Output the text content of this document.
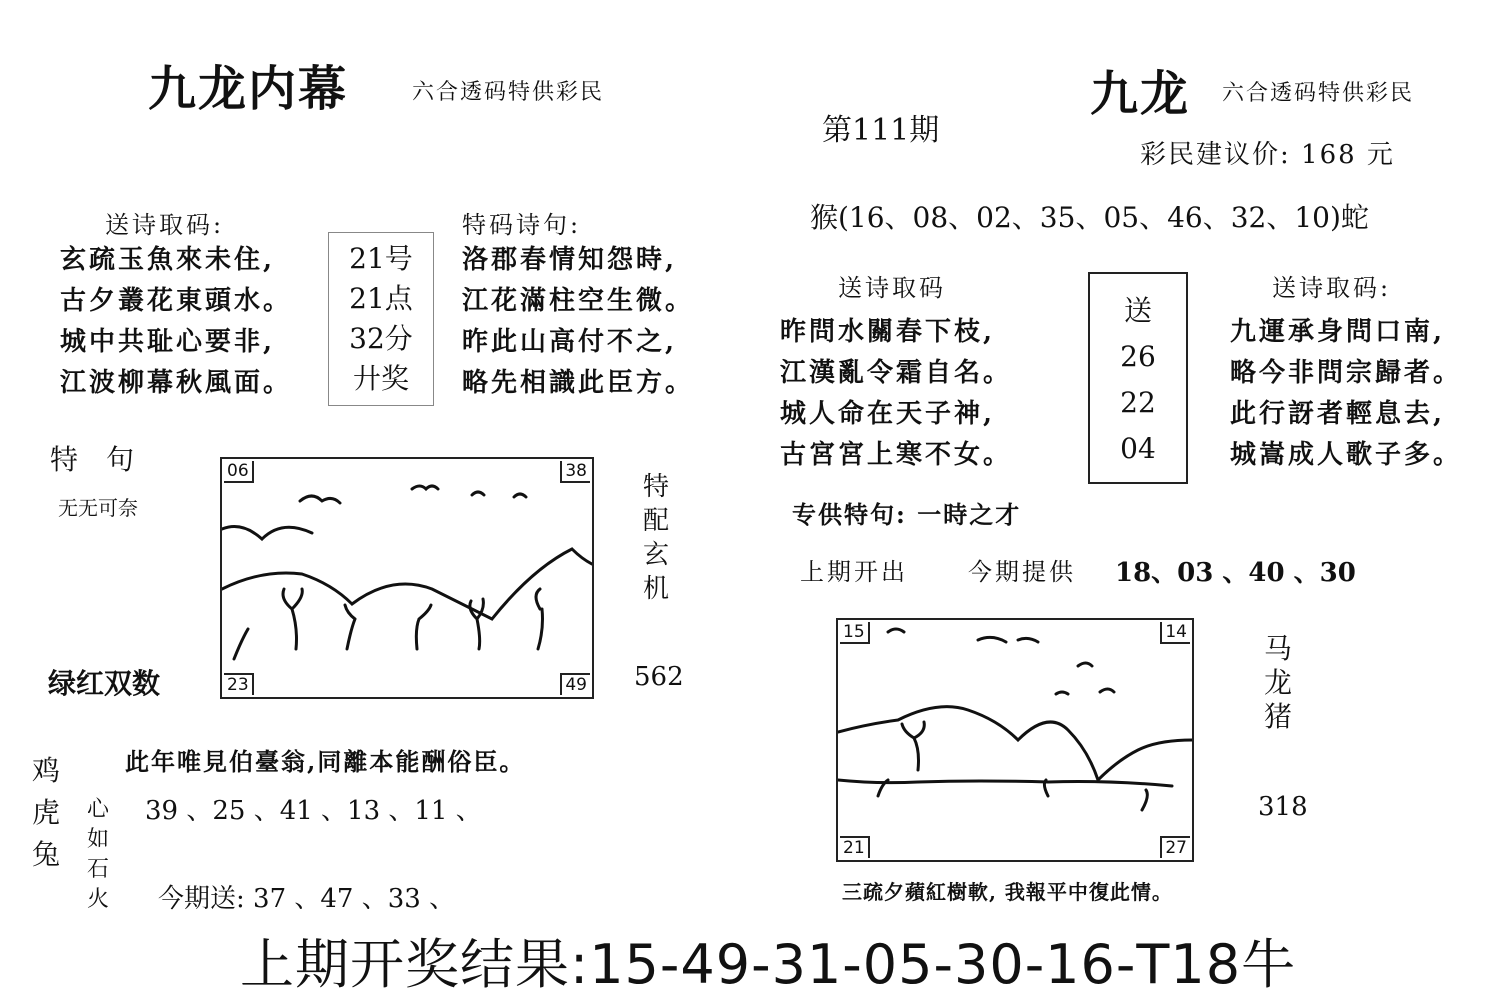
九龙内幕	六合透码特供彩民
送诗取码:
玄疏玉魚來未住,
古夕叢花東頭水。
城中共耻心要非,
江波柳幕秋風面。
21号
21点
32分
廾奖
特码诗句:
洛郡春情知怨時,
江花滿柱空生微。
昨此山高付不之,
略先相識此臣方。
特　句
无无可奈
06	38
23	49
特
配
玄
机
绿红双数	562
鸡
虎
兔
心
如
石
火
此年唯見伯臺翁,同離本能酬俗臣。
39 、25 、41 、13 、11 、
今期送: 37 、47 、33 、
九龙 六合透码特供彩民
第111期
彩民建议价: 168 元
猴(16、08、02、35、05、46、32、10)蛇
送诗取码
昨問水關春下枝,
江漢亂令霜自名。
城人命在天子神,
古宮宮上寒不女。
送
26
22
04
送诗取码:
九運承身問口南,
略今非問宗歸者。
此行訝者輕息去,
城嵩成人歌子多。
专供特句: 一時之才
上期开出	今期提供 18、03 、40 、30
15	14
21	27
马
龙
猪
318
三疏夕蘋紅樹軟, 我報平中復此情。
上期开奖结果:15-49-31-05-30-16-T18牛
